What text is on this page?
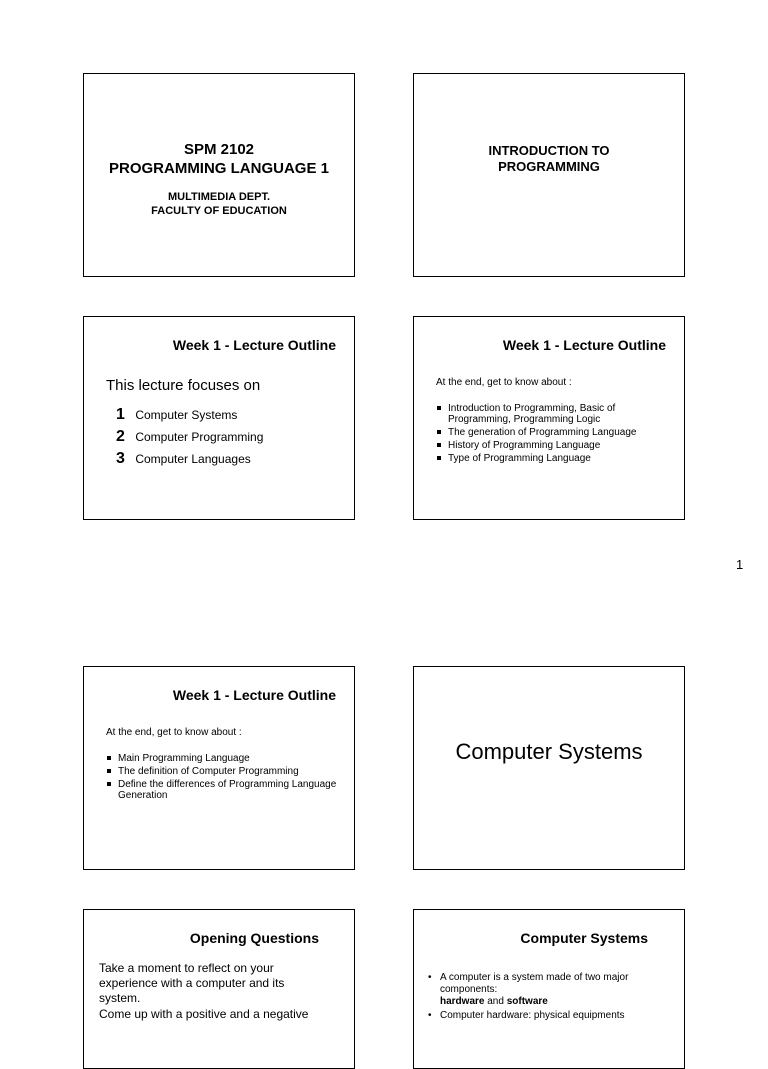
SPM 2102
PROGRAMMING LANGUAGE 1
MULTIMEDIA DEPT.
FACULTY OF EDUCATION
INTRODUCTION TO
PROGRAMMING
Week 1 - Lecture Outline
This lecture focuses on
1 Computer Systems
2 Computer Programming
3 Computer Languages
Week 1 - Lecture Outline
At the end, get to know about :
Introduction to Programming, Basic of Programming, Programming Logic
The generation of Programming Language
History of Programming Language
Type of Programming Language
1
Week 1 - Lecture Outline
At the end, get to know about :
Main Programming Language
The definition of Computer Programming
Define the differences of Programming Language Generation
Computer Systems
Opening Questions
Take a moment to reflect on your experience with a computer and its system.
Come up with a positive and a negative
Computer Systems
• A computer is a system made of two major components:
hardware and software
• Computer hardware: physical equipments
